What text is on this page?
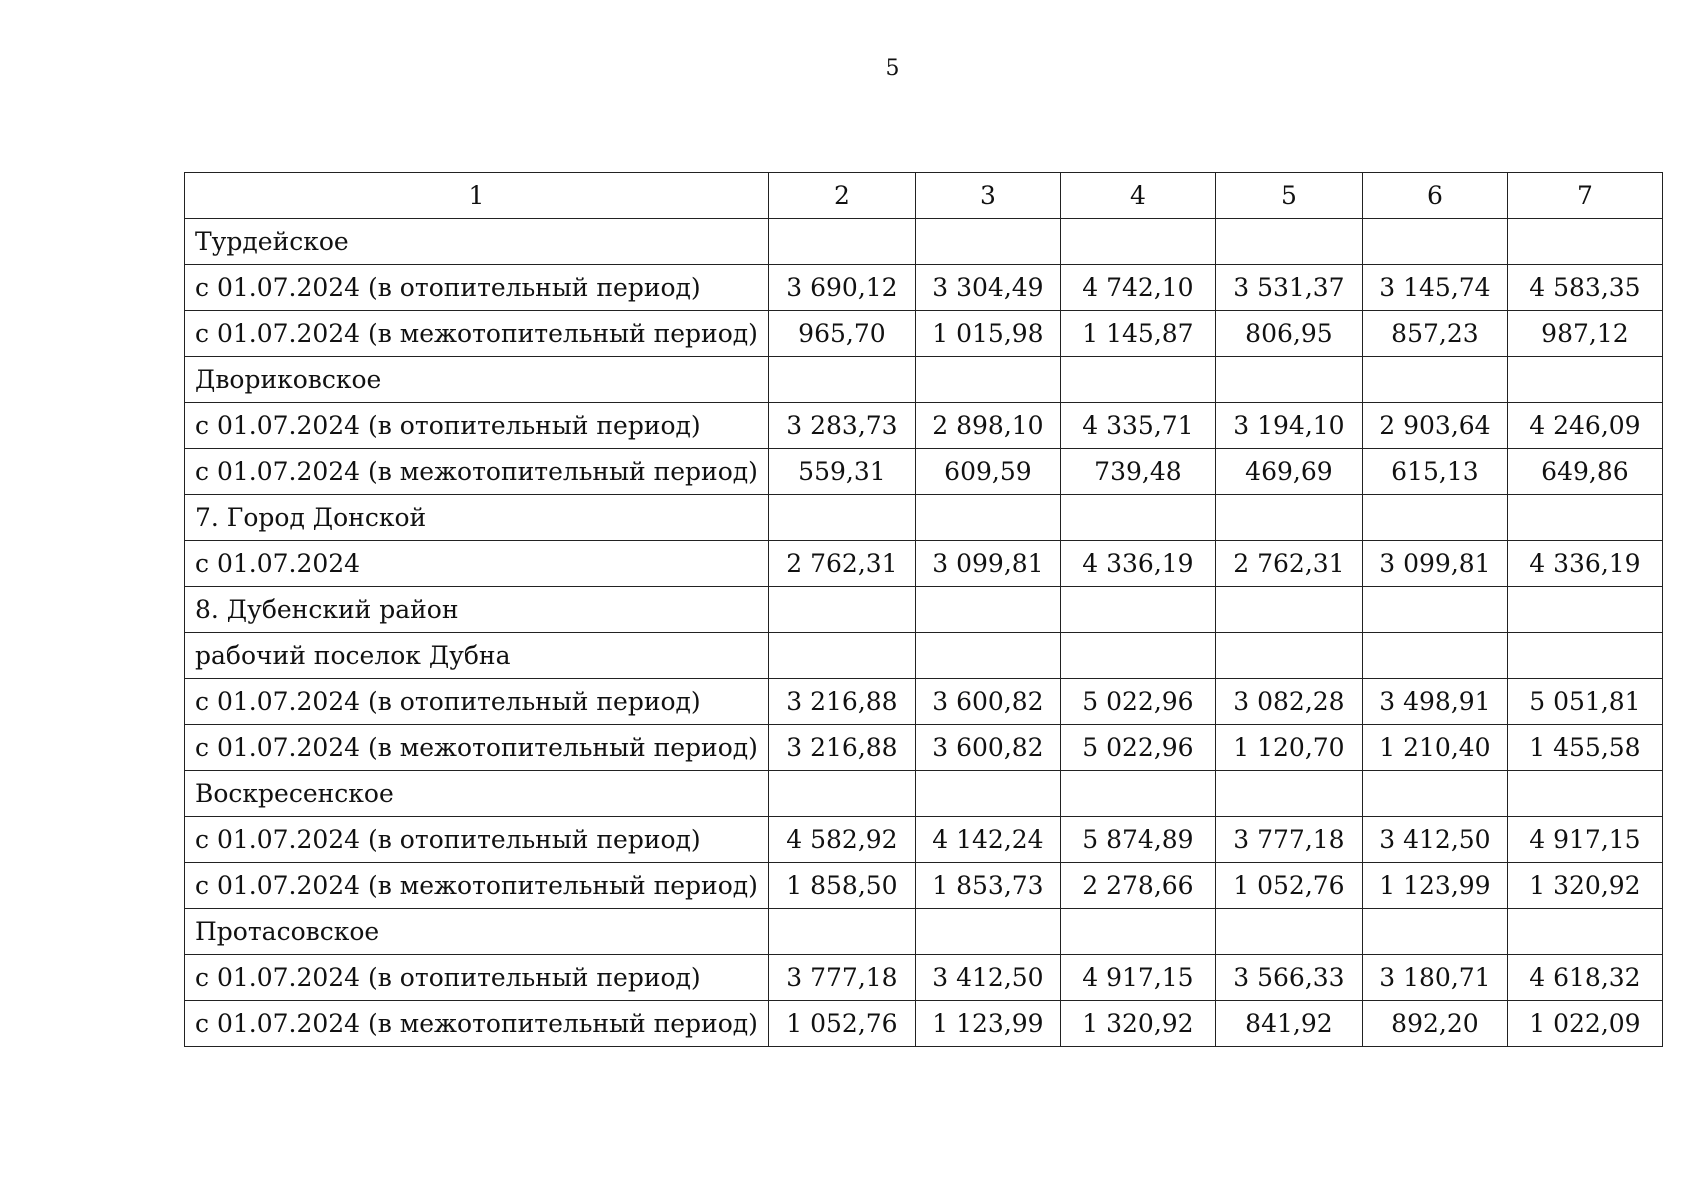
5
1	2	3	4	5	6	7
Турдейское						
с 01.07.2024 (в отопительный период)	3 690,12	3 304,49	4 742,10	3 531,37	3 145,74	4 583,35
с 01.07.2024 (в межотопительный период)	965,70	1 015,98	1 145,87	806,95	857,23	987,12
Двориковское						
с 01.07.2024 (в отопительный период)	3 283,73	2 898,10	4 335,71	3 194,10	2 903,64	4 246,09
с 01.07.2024 (в межотопительный период)	559,31	609,59	739,48	469,69	615,13	649,86
7. Город Донской						
с 01.07.2024	2 762,31	3 099,81	4 336,19	2 762,31	3 099,81	4 336,19
8. Дубенский район						
рабочий поселок Дубна						
с 01.07.2024 (в отопительный период)	3 216,88	3 600,82	5 022,96	3 082,28	3 498,91	5 051,81
с 01.07.2024 (в межотопительный период)	3 216,88	3 600,82	5 022,96	1 120,70	1 210,40	1 455,58
Воскресенское						
с 01.07.2024 (в отопительный период)	4 582,92	4 142,24	5 874,89	3 777,18	3 412,50	4 917,15
с 01.07.2024 (в межотопительный период)	1 858,50	1 853,73	2 278,66	1 052,76	1 123,99	1 320,92
Протасовское						
с 01.07.2024 (в отопительный период)	3 777,18	3 412,50	4 917,15	3 566,33	3 180,71	4 618,32
с 01.07.2024 (в межотопительный период)	1 052,76	1 123,99	1 320,92	841,92	892,20	1 022,09
